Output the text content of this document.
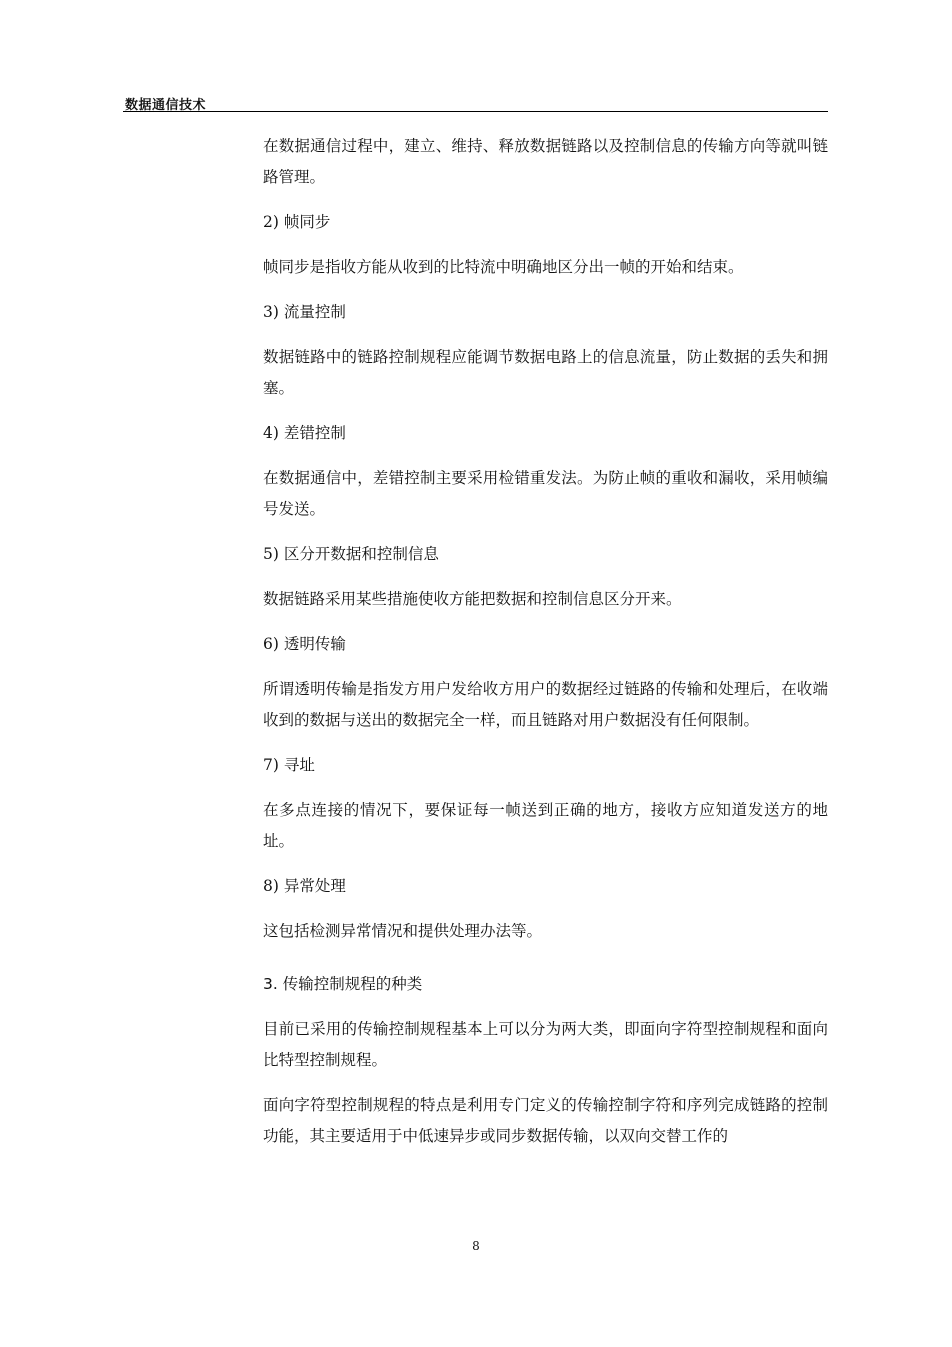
数据通信技术

在数据通信过程中，建立、维持、释放数据链路以及控制信息的传输方向等就叫链路管理。

2) 帧同步

帧同步是指收方能从收到的比特流中明确地区分出一帧的开始和结束。

3) 流量控制

数据链路中的链路控制规程应能调节数据电路上的信息流量，防止数据的丢失和拥塞。

4) 差错控制

在数据通信中，差错控制主要采用检错重发法。为防止帧的重收和漏收，采用帧编号发送。

5) 区分开数据和控制信息

数据链路采用某些措施使收方能把数据和控制信息区分开来。

6) 透明传输

所谓透明传输是指发方用户发给收方用户的数据经过链路的传输和处理后，在收端收到的数据与送出的数据完全一样，而且链路对用户数据没有任何限制。

7) 寻址

在多点连接的情况下，要保证每一帧送到正确的地方，接收方应知道发送方的地址。

8) 异常处理

这包括检测异常情况和提供处理办法等。

3. 传输控制规程的种类

目前已采用的传输控制规程基本上可以分为两大类，即面向字符型控制规程和面向比特型控制规程。

面向字符型控制规程的特点是利用专门定义的传输控制字符和序列完成链路的控制功能，其主要适用于中低速异步或同步数据传输，以双向交替工作的

8
